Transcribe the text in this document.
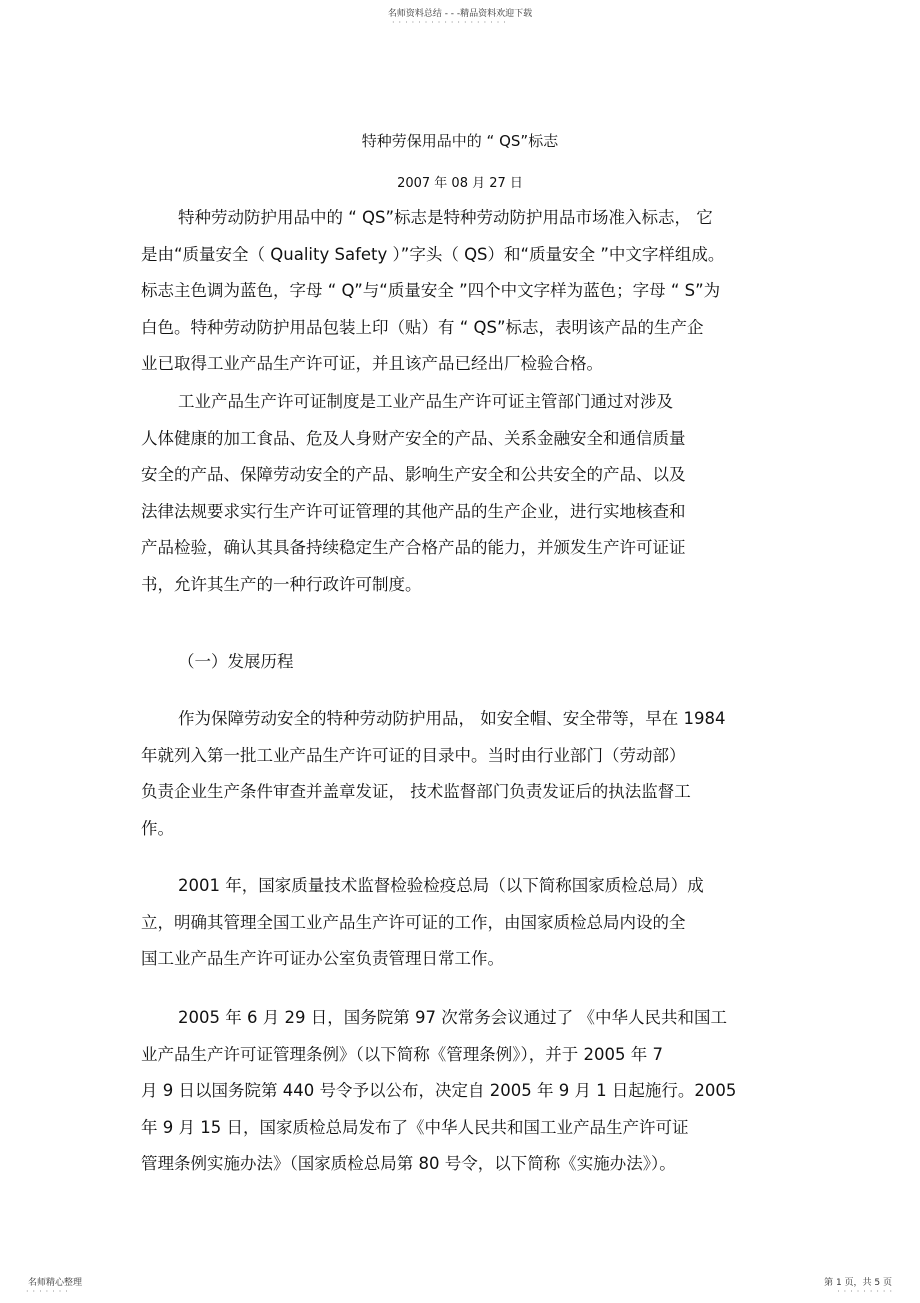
名师资料总结 - - -精品资料欢迎下载
··················
特种劳保用品中的 “ QS”标志
2007 年 08 月 27 日
特种劳动防护用品中的 “ QS”标志是特种劳动防护用品市场准入标志， 它
是由“质量安全（ Quality Safety ）”字头（ QS）和“质量安全 ”中文字样组成。
标志主色调为蓝色，字母 “ Q”与“质量安全 ”四个中文字样为蓝色；字母 “ S”为
白色。特种劳动防护用品包装上印（贴）有 “ QS”标志，表明该产品的生产企
业已取得工业产品生产许可证，并且该产品已经出厂检验合格。
工业产品生产许可证制度是工业产品生产许可证主管部门通过对涉及
人体健康的加工食品、危及人身财产安全的产品、关系金融安全和通信质量
安全的产品、保障劳动安全的产品、影响生产安全和公共安全的产品、以及
法律法规要求实行生产许可证管理的其他产品的生产企业，进行实地核查和
产品检验，确认其具备持续稳定生产合格产品的能力，并颁发生产许可证证
书，允许其生产的一种行政许可制度。
（一）发展历程
作为保障劳动安全的特种劳动防护用品， 如安全帽、安全带等，早在 1984
年就列入第一批工业产品生产许可证的目录中。当时由行业部门（劳动部）
负责企业生产条件审查并盖章发证， 技术监督部门负责发证后的执法监督工
作。
2001 年，国家质量技术监督检验检疫总局（以下简称国家质检总局）成
立，明确其管理全国工业产品生产许可证的工作，由国家质检总局内设的全
国工业产品生产许可证办公室负责管理日常工作。
2005 年 6 月 29 日，国务院第 97 次常务会议通过了 《中华人民共和国工
业产品生产许可证管理条例》（以下简称《管理条例》），并于 2005 年 7
月 9 日以国务院第 440 号令予以公布，决定自 2005 年 9 月 1 日起施行。2005
年 9 月 15 日，国家质检总局发布了《中华人民共和国工业产品生产许可证
管理条例实施办法》（国家质检总局第 80 号令，以下简称《实施办法》）。
名师精心整理
·······
第 1 页，共 5 页
·········
